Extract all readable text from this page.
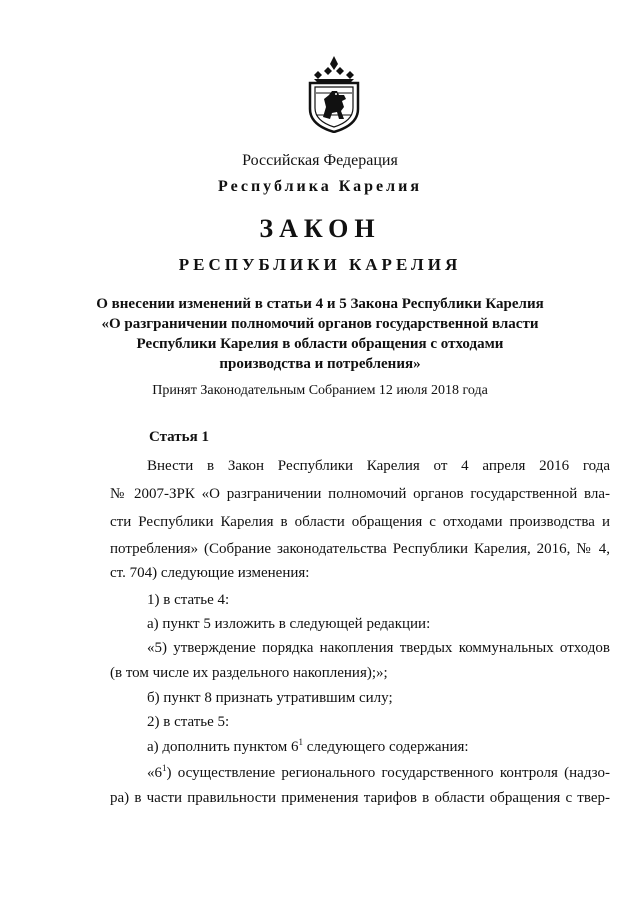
Российская Федерация
Республика Карелия
ЗАКОН
РЕСПУБЛИКИ КАРЕЛИЯ
О внесении изменений в статьи 4 и 5 Закона Республики Карелия
«О разграничении полномочий органов государственной власти
Республики Карелия в области обращения с отходами
производства и потребления»
Принят Законодательным Собранием 12 июля 2018 года
Статья 1
Внести в Закон Республики Карелия от 4 апреля 2016 года
№ 2007-ЗРК «О разграничении полномочий органов государственной вла-
сти Республики Карелия в области обращения с отходами производства и
потребления» (Собрание законодательства Республики Карелия, 2016, № 4,
ст. 704) следующие изменения:
1) в статье 4:
а) пункт 5 изложить в следующей редакции:
«5) утверждение порядка накопления твердых коммунальных отходов
(в том числе их раздельного накопления);»;
б) пункт 8 признать утратившим силу;
2) в статье 5:
а) дополнить пунктом $6^1$ следующего содержания:
«$6^1$) осуществление регионального государственного контроля (надзо-
ра) в части правильности применения тарифов в области обращения с твер-
